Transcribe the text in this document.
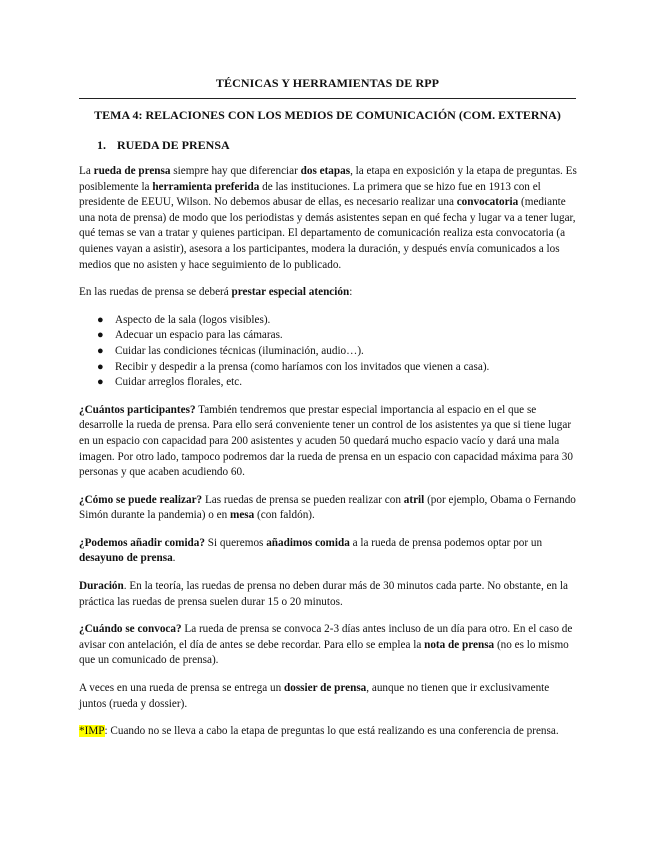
TÉCNICAS Y HERRAMIENTAS DE RPP
TEMA 4: RELACIONES CON LOS MEDIOS DE COMUNICACIÓN (COM. EXTERNA)
1. RUEDA DE PRENSA

La rueda de prensa siempre hay que diferenciar dos etapas, la etapa en exposición y la etapa de preguntas. Es posiblemente la herramienta preferida de las instituciones. La primera que se hizo fue en 1913 con el presidente de EEUU, Wilson. No debemos abusar de ellas, es necesario realizar una convocatoria (mediante una nota de prensa) de modo que los periodistas y demás asistentes sepan en qué fecha y lugar va a tener lugar, qué temas se van a tratar y quienes participan. El departamento de comunicación realiza esta convocatoria (a quienes vayan a asistir), asesora a los participantes, modera la duración, y después envía comunicados a los medios que no asisten y hace seguimiento de lo publicado.

En las ruedas de prensa se deberá prestar especial atención:

● Aspecto de la sala (logos visibles).
● Adecuar un espacio para las cámaras.
● Cuidar las condiciones técnicas (iluminación, audio…).
● Recibir y despedir a la prensa (como haríamos con los invitados que vienen a casa).
● Cuidar arreglos florales, etc.

¿Cuántos participantes? También tendremos que prestar especial importancia al espacio en el que se desarrolle la rueda de prensa. Para ello será conveniente tener un control de los asistentes ya que si tiene lugar en un espacio con capacidad para 200 asistentes y acuden 50 quedará mucho espacio vacío y dará una mala imagen. Por otro lado, tampoco podremos dar la rueda de prensa en un espacio con capacidad máxima para 30 personas y que acaben acudiendo 60.

¿Cómo se puede realizar? Las ruedas de prensa se pueden realizar con atril (por ejemplo, Obama o Fernando Simón durante la pandemia) o en mesa (con faldón).

¿Podemos añadir comida? Si queremos añadimos comida a la rueda de prensa podemos optar por un desayuno de prensa.

Duración. En la teoría, las ruedas de prensa no deben durar más de 30 minutos cada parte. No obstante, en la práctica las ruedas de prensa suelen durar 15 o 20 minutos.

¿Cuándo se convoca? La rueda de prensa se convoca 2-3 días antes incluso de un día para otro. En el caso de avisar con antelación, el día de antes se debe recordar. Para ello se emplea la nota de prensa (no es lo mismo que un comunicado de prensa).

A veces en una rueda de prensa se entrega un dossier de prensa, aunque no tienen que ir exclusivamente juntos (rueda y dossier).

*IMP: Cuando no se lleva a cabo la etapa de preguntas lo que está realizando es una conferencia de prensa.
